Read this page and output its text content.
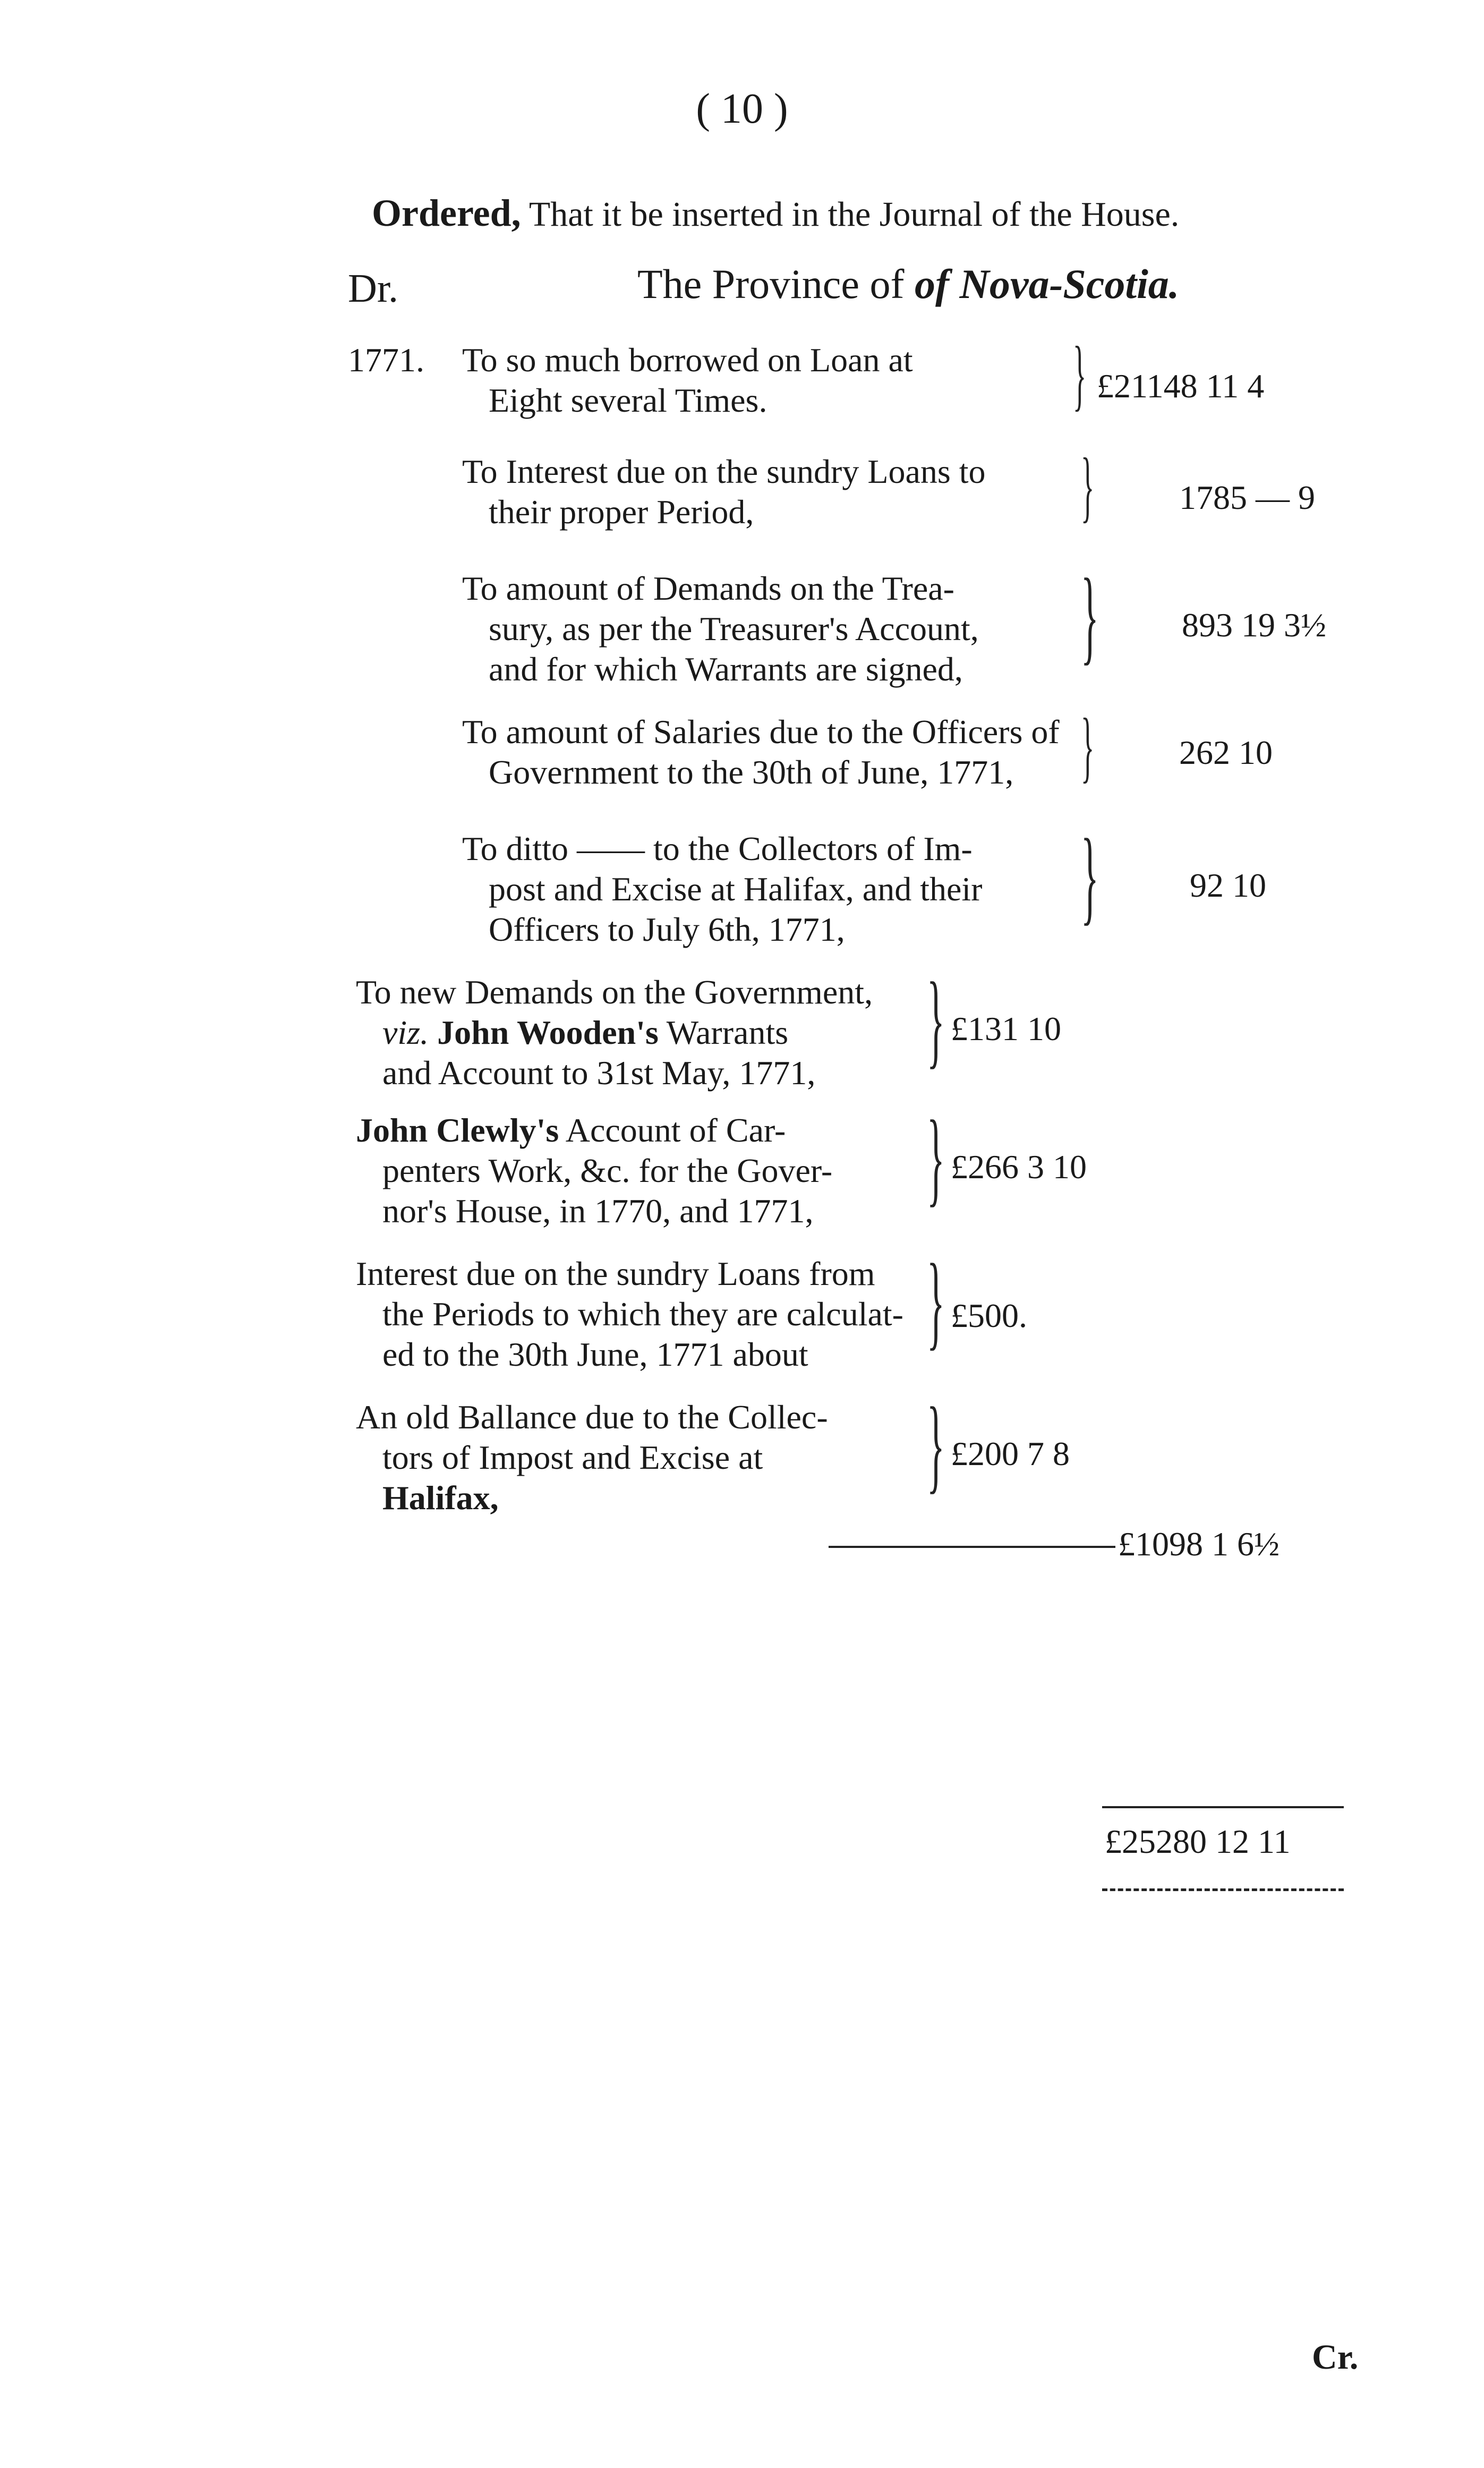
( 10 )
Ordered, That it be inserted in the Journal of the House.
Dr.	The Province of of Nova-Scotia.
1771. To so much borrowed on Loan at
Eight several Times.	} £21148 11 4
To Interest due on the sundry Loans to
their proper Period,	} 1785 — 9
To amount of Demands on the Trea-
sury, as per the Treasurer's Account,
and for which Warrants are signed, } 893 19 3½
To amount of Salaries due to the Officers of
Government to the 30th of June, 1771, } 262 10
To ditto —— to the Collectors of Im-
post and Excise at Halifax, and their
Officers to July 6th, 1771,	}	92 10
To new Demands on the Government,
viz. John Wooden's Warrants
and Account to 31st May, 1771,	} £131 10
John Clewly's Account of Car-
penters Work, &c. for the Gover-
nor's House, in 1770, and 1771, } £266 3 10
Interest due on the sundry Loans from
the Periods to which they are calculat-
ed to the 30th June, 1771 about	} £500.
An old Ballance due to the Collec-
tors of Impost and Excise at
Halifax,	} £200 7 8
£1098 1 6½
£25280 12 11
Cr.
